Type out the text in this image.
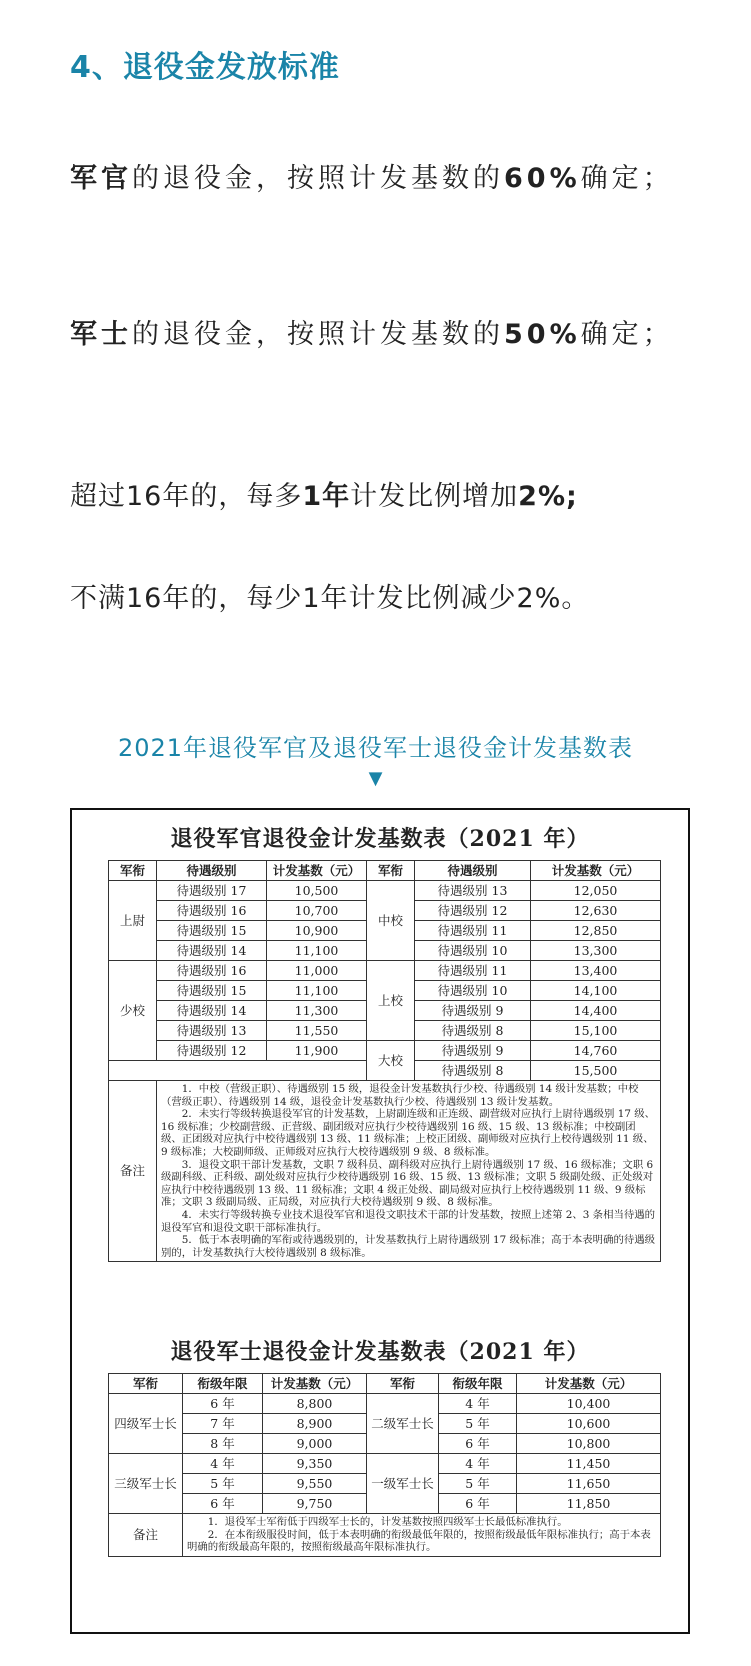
4、退役金发放标准
军官的退役金，按照计发基数的60%确定；
军士的退役金，按照计发基数的50%确定；
超过16年的，每多1年计发比例增加2%;
不满16年的，每少1年计发比例减少2%。
2021年退役军官及退役军士退役金计发基数表
▼
退役军官退役金计发基数表（2021 年）
军衔	待遇级别	计发基数（元）	军衔	待遇级别	计发基数（元）
上尉	待遇级别 17	10,500	中校	待遇级别 13	12,050
	待遇级别 16	10,700		待遇级别 12	12,630
	待遇级别 15	10,900		待遇级别 11	12,850
	待遇级别 14	11,100		待遇级别 10	13,300
少校	待遇级别 16	11,000	上校	待遇级别 11	13,400
	待遇级别 15	11,100		待遇级别 10	14,100
	待遇级别 14	11,300		待遇级别 9	14,400
	待遇级别 13	11,550		待遇级别 8	15,100
	待遇级别 12	11,900	大校	待遇级别 9	14,760
				待遇级别 8	15,500
备注	1．中校（营级正职）、待遇级别 15 级，退役金计发基数执行少校、待遇级别 14 级计发基数；中校（营级正职）、待遇级别 14 级，退役金计发基数执行少校、待遇级别 13 级计发基数。

2．未实行等级转换退役军官的计发基数，上尉副连级和正连级、副营级对应执行上尉待遇级别 17 级、16 级标准；少校副营级、正营级、副团级对应执行少校待遇级别 16 级、15 级、13 级标准；中校副团级、正团级对应执行中校待遇级别 13 级、11 级标准；上校正团级、副师级对应执行上校待遇级别 11 级、9 级标准；大校副师级、正师级对应执行大校待遇级别 9 级、8 级标准。

3．退役文职干部计发基数，文职 7 级科员、副科级对应执行上尉待遇级别 17 级、16 级标准；文职 6 级副科级、正科级、副处级对应执行少校待遇级别 16 级、15 级、13 级标准；文职 5 级副处级、正处级对应执行中校待遇级别 13 级、11 级标准；文职 4 级正处级、副局级对应执行上校待遇级别 11 级、9 级标准；文职 3 级副局级、正局级，对应执行大校待遇级别 9 级、8 级标准。

4．未实行等级转换专业技术退役军官和退役文职技术干部的计发基数，按照上述第 2、3 条相当待遇的退役军官和退役文职干部标准执行。

5．低于本表明确的军衔或待遇级别的，计发基数执行上尉待遇级别 17 级标准；高于本表明确的待遇级别的，计发基数执行大校待遇级别 8 级标准。				

退役军士退役金计发基数表（2021 年）
军衔	衔级年限	计发基数（元）	军衔	衔级年限	计发基数（元）
四级军士长	6 年	8,800	二级军士长	4 年	10,400
	7 年	8,900		5 年	10,600
	8 年	9,000		6 年	10,800
三级军士长	4 年	9,350	一级军士长	4 年	11,450
	5 年	9,550		5 年	11,650
	6 年	9,750		6 年	11,850
备注	1．退役军士军衔低于四级军士长的，计发基数按照四级军士长最低标准执行。

2．在本衔级服役时间，低于本表明确的衔级最低年限的，按照衔级最低年限标准执行；高于本表明确的衔级最高年限的，按照衔级最高年限标准执行。				
